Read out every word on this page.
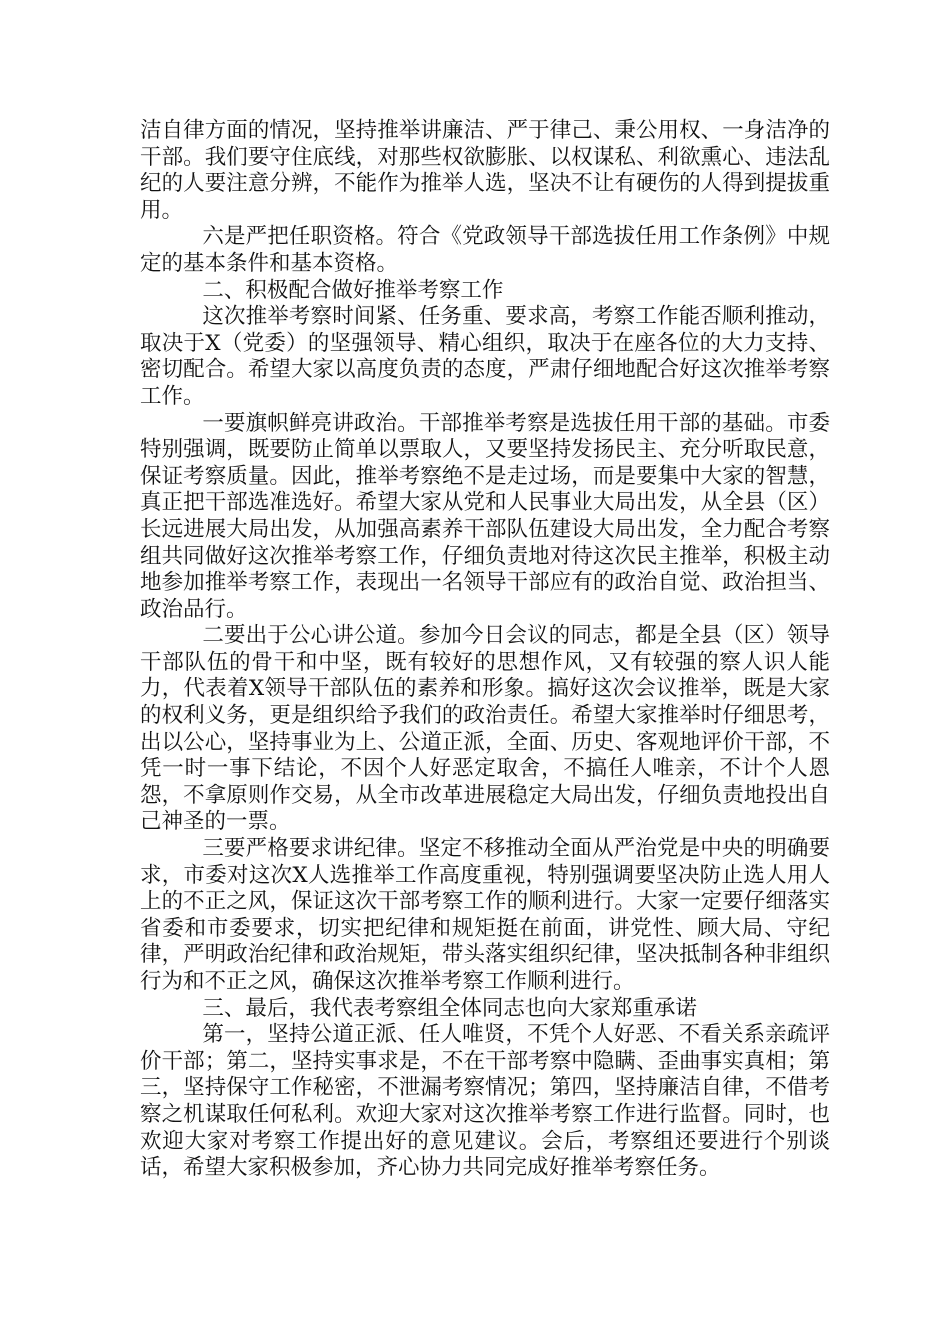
洁自律方面的情况，坚持推举讲廉洁、严于律己、秉公用权、一身洁净的干部。我们要守住底线，对那些权欲膨胀、以权谋私、利欲熏心、违法乱纪的人要注意分辨，不能作为推举人选，坚决不让有硬伤的人得到提拔重用。

六是严把任职资格。符合《党政领导干部选拔任用工作条例》中规定的基本条件和基本资格。

二、积极配合做好推举考察工作

这次推举考察时间紧、任务重、要求高，考察工作能否顺利推动，取决于X（党委）的坚强领导、精心组织，取决于在座各位的大力支持、密切配合。希望大家以高度负责的态度，严肃仔细地配合好这次推举考察工作。

一要旗帜鲜亮讲政治。干部推举考察是选拔任用干部的基础。市委特别强调，既要防止简单以票取人，又要坚持发扬民主、充分听取民意，保证考察质量。因此，推举考察绝不是走过场，而是要集中大家的智慧，真正把干部选准选好。希望大家从党和人民事业大局出发，从全县（区）长远进展大局出发，从加强高素养干部队伍建设大局出发，全力配合考察组共同做好这次推举考察工作，仔细负责地对待这次民主推举，积极主动地参加推举考察工作，表现出一名领导干部应有的政治自觉、政治担当、政治品行。

二要出于公心讲公道。参加今日会议的同志，都是全县（区）领导干部队伍的骨干和中坚，既有较好的思想作风，又有较强的察人识人能力，代表着X领导干部队伍的素养和形象。搞好这次会议推举，既是大家的权利义务，更是组织给予我们的政治责任。希望大家推举时仔细思考，出以公心，坚持事业为上、公道正派，全面、历史、客观地评价干部，不凭一时一事下结论，不因个人好恶定取舍，不搞任人唯亲，不计个人恩怨，不拿原则作交易，从全市改革进展稳定大局出发，仔细负责地投出自己神圣的一票。

三要严格要求讲纪律。坚定不移推动全面从严治党是中央的明确要求，市委对这次X人选推举工作高度重视，特别强调要坚决防止选人用人上的不正之风，保证这次干部考察工作的顺利进行。大家一定要仔细落实省委和市委要求，切实把纪律和规矩挺在前面，讲党性、顾大局、守纪律，严明政治纪律和政治规矩，带头落实组织纪律，坚决抵制各种非组织行为和不正之风，确保这次推举考察工作顺利进行。

三、最后，我代表考察组全体同志也向大家郑重承诺

第一，坚持公道正派、任人唯贤，不凭个人好恶、不看关系亲疏评价干部；第二，坚持实事求是，不在干部考察中隐瞒、歪曲事实真相；第三，坚持保守工作秘密，不泄漏考察情况；第四，坚持廉洁自律，不借考察之机谋取任何私利。欢迎大家对这次推举考察工作进行监督。同时，也欢迎大家对考察工作提出好的意见建议。会后，考察组还要进行个别谈话，希望大家积极参加，齐心协力共同完成好推举考察任务。
